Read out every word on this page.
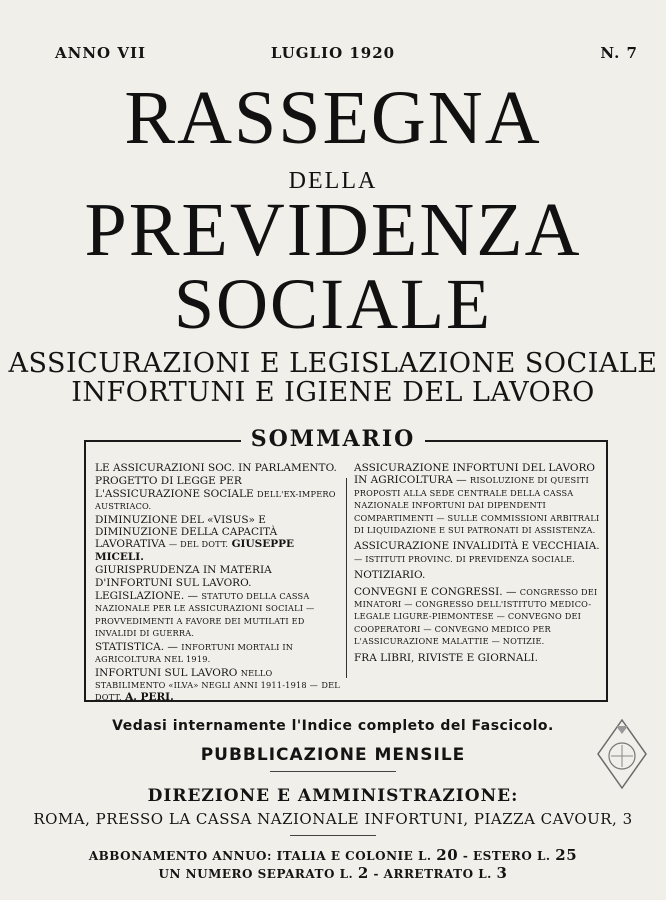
ANNO VII	LUGLIO 1920	N. 7
RASSEGNA
DELLA
PREVIDENZA
SOCIALE
ASSICURAZIONI E LEGISLAZIONE SOCIALE
INFORTUNI E IGIENE DEL LAVORO
SOMMARIO
LE ASSICURAZIONI SOC. IN PARLAMENTO.
PROGETTO DI LEGGE PER L'ASSICURAZIONE SOCIALE DELL'EX-IMPERO AUSTRIACO.
DIMINUZIONE DEL «VISUS» E DIMINUZIONE DELLA CAPACITÀ LAVORATIVA — DEL DOTT. GIUSEPPE MICELI.
GIURISPRUDENZA IN MATERIA D'INFORTUNI SUL LAVORO.
LEGISLAZIONE. — STATUTO DELLA CASSA NAZIONALE PER LE ASSICURAZIONI SOCIALI — PROVVEDIMENTI A FAVORE DEI MUTILATI ED INVALIDI DI GUERRA.
STATISTICA. — INFORTUNI MORTALI IN AGRICOLTURA NEL 1919.
INFORTUNI SUL LAVORO NELLO STABILIMENTO «ILVA» NEGLI ANNI 1911-1918 — DEL DOTT. A. PERI.
ASSICURAZIONE INFORTUNI DEL LAVORO IN AGRICOLTURA — RISOLUZIONE DI QUESITI PROPOSTI ALLA SEDE CENTRALE DELLA CASSA NAZIONALE INFORTUNI DAI DIPENDENTI COMPARTIMENTI — SULLE COMMISSIONI ARBITRALI DI LIQUIDAZIONE E SUI PATRONATI DI ASSISTENZA.
ASSICURAZIONE INVALIDITÀ E VECCHIAIA. — ISTITUTI PROVINC. DI PREVIDENZA SOCIALE.
NOTIZIARIO.
CONVEGNI E CONGRESSI. — CONGRESSO DEI MINATORI — CONGRESSO DELL'ISTITUTO MEDICO-LEGALE LIGURE-PIEMONTESE — CONVEGNO DEI COOPERATORI — CONVEGNO MEDICO PER L'ASSICURAZIONE MALATTIE — NOTIZIE.
FRA LIBRI, RIVISTE E GIORNALI.
Vedasi internamente l'Indice completo del Fascicolo.
PUBBLICAZIONE MENSILE
DIREZIONE E AMMINISTRAZIONE:
ROMA, PRESSO LA CASSA NAZIONALE INFORTUNI, PIAZZA CAVOUR, 3
ABBONAMENTO ANNUO: ITALIA E COLONIE L. 20 - ESTERO L. 25
UN NUMERO SEPARATO L. 2 - ARRETRATO L. 3
